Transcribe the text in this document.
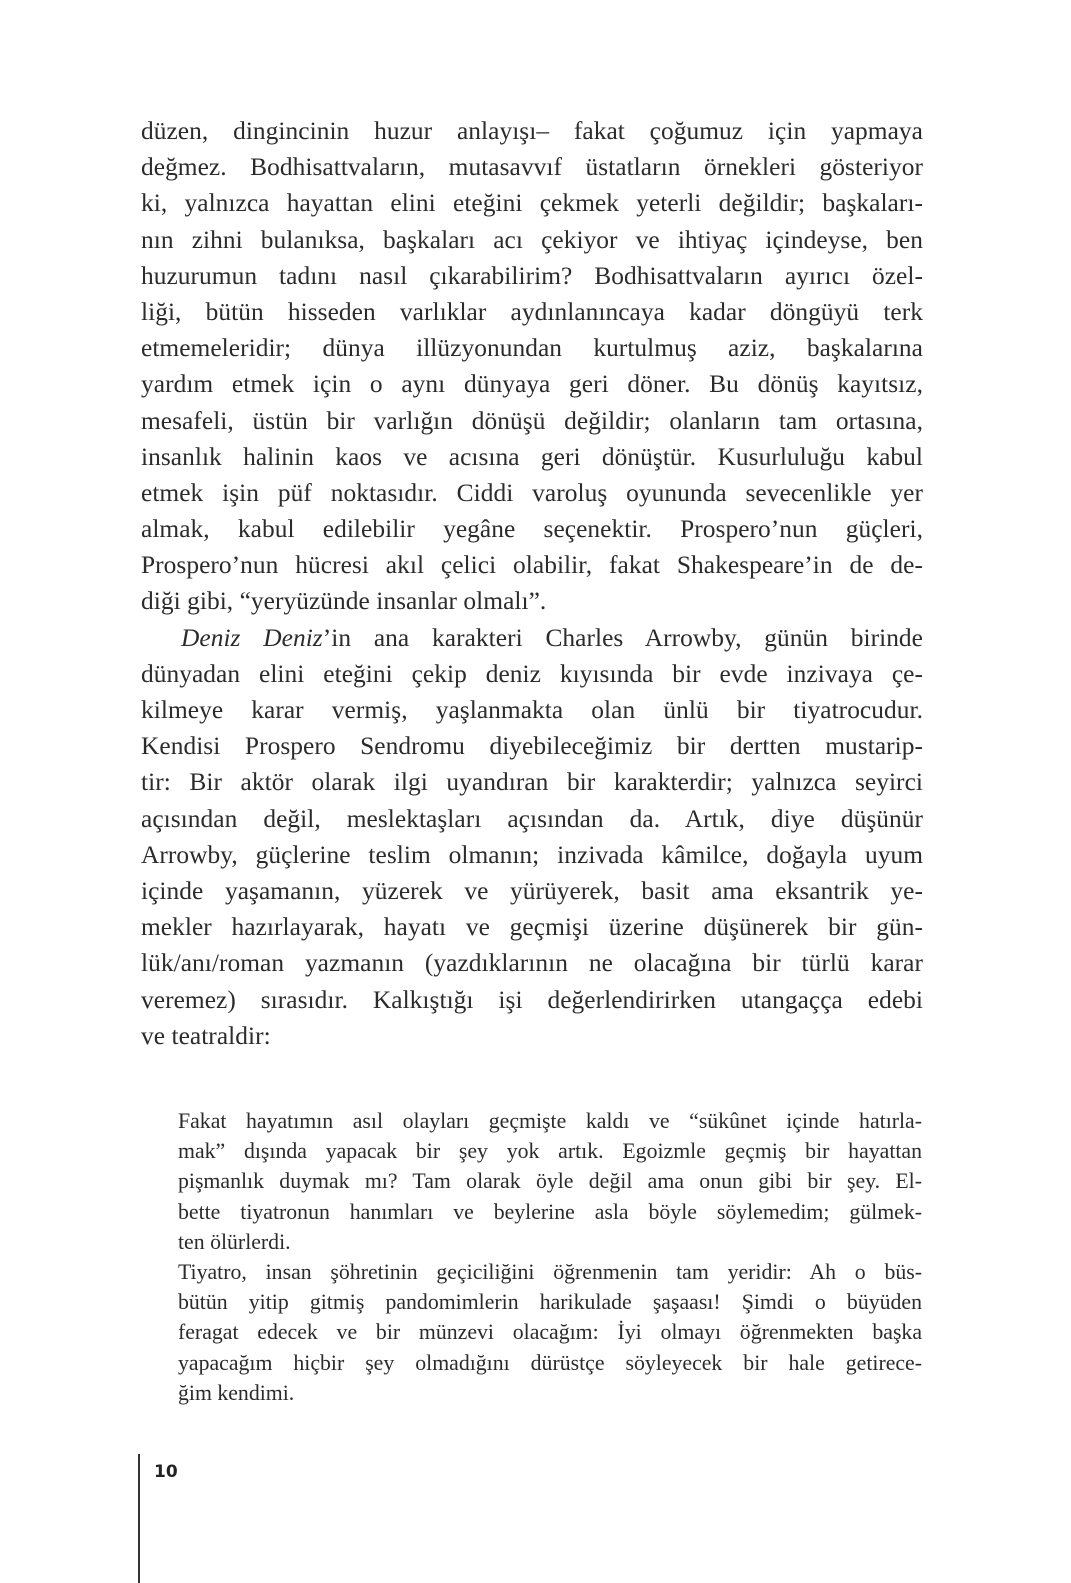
düzen, dingincinin huzur anlayışı– fakat çoğumuz için yapmaya
değmez. Bodhisattvaların, mutasavvıf üstatların örnekleri gösteriyor
ki, yalnızca hayattan elini eteğini çekmek yeterli değildir; başkaları-
nın zihni bulanıksa, başkaları acı çekiyor ve ihtiyaç içindeyse, ben
huzurumun tadını nasıl çıkarabilirim? Bodhisattvaların ayırıcı özel-
liği, bütün hisseden varlıklar aydınlanıncaya kadar döngüyü terk
etmemeleridir; dünya illüzyonundan kurtulmuş aziz, başkalarına
yardım etmek için o aynı dünyaya geri döner. Bu dönüş kayıtsız,
mesafeli, üstün bir varlığın dönüşü değildir; olanların tam ortasına,
insanlık halinin kaos ve acısına geri dönüştür. Kusurluluğu kabul
etmek işin püf noktasıdır. Ciddi varoluş oyununda sevecenlikle yer
almak, kabul edilebilir yegâne seçenektir. Prospero’nun güçleri,
Prospero’nun hücresi akıl çelici olabilir, fakat Shakespeare’in de de-
diği gibi, “yeryüzünde insanlar olmalı”.
Deniz Deniz’in ana karakteri Charles Arrowby, günün birinde
dünyadan elini eteğini çekip deniz kıyısında bir evde inzivaya çe-
kilmeye karar vermiş, yaşlanmakta olan ünlü bir tiyatrocudur.
Kendisi Prospero Sendromu diyebileceğimiz bir dertten mustarip-
tir: Bir aktör olarak ilgi uyandıran bir karakterdir; yalnızca seyirci
açısından değil, meslektaşları açısından da. Artık, diye düşünür
Arrowby, güçlerine teslim olmanın; inzivada kâmilce, doğayla uyum
içinde yaşamanın, yüzerek ve yürüyerek, basit ama eksantrik ye-
mekler hazırlayarak, hayatı ve geçmişi üzerine düşünerek bir gün-
lük/anı/roman yazmanın (yazdıklarının ne olacağına bir türlü karar
veremez) sırasıdır. Kalkıştığı işi değerlendirirken utangaçça edebi
ve teatraldir:
Fakat hayatımın asıl olayları geçmişte kaldı ve “sükûnet içinde hatırla-
mak” dışında yapacak bir şey yok artık. Egoizmle geçmiş bir hayattan
pişmanlık duymak mı? Tam olarak öyle değil ama onun gibi bir şey. El-
bette tiyatronun hanımları ve beylerine asla böyle söylemedim; gülmek-
ten ölürlerdi.
Tiyatro, insan şöhretinin geçiciliğini öğrenmenin tam yeridir: Ah o büs-
bütün yitip gitmiş pandomimlerin harikulade şaşaası! Şimdi o büyüden
feragat edecek ve bir münzevi olacağım: İyi olmayı öğrenmekten başka
yapacağım hiçbir şey olmadığını dürüstçe söyleyecek bir hale getirece-
ğim kendimi.
10
